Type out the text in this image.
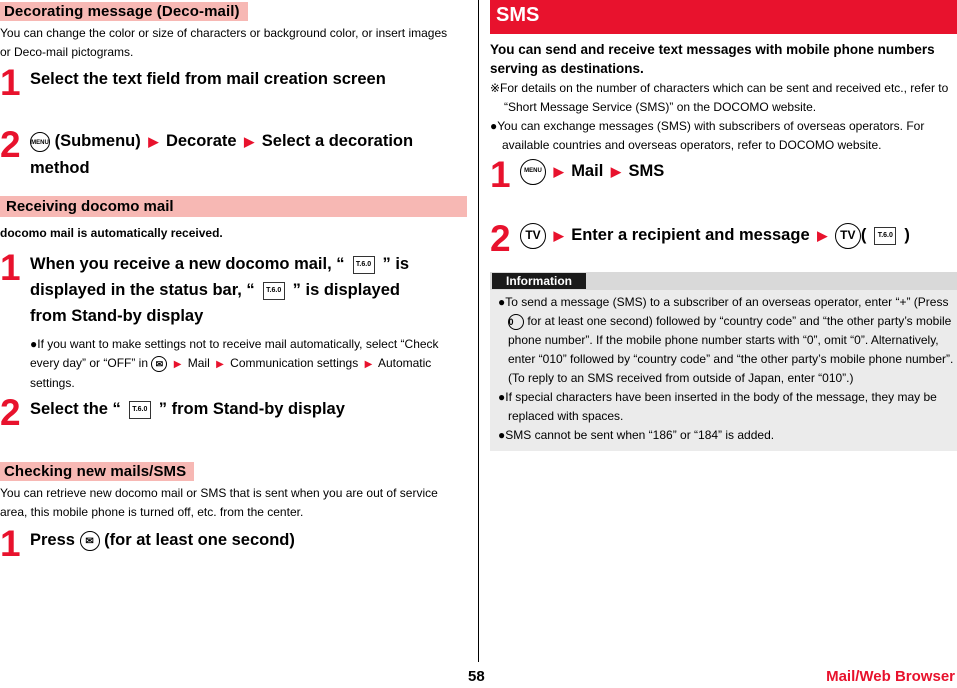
Decorating message (Deco-mail)

You can change the color or size of characters or background color, or insert images or Deco-mail pictograms.

1 Select the text field from mail creation screen
2	MENU (Submenu) ▶ Decorate ▶ Select a decoration method
Receiving docomo mail

docomo mail is automatically received.

1 When you receive a new docomo mail, “ T.6.0 ” is displayed in the status bar, “ T.6.0 ” is displayed from Stand-by display
●If you want to make settings not to receive mail automatically, select “Check every day” or “OFF” in ✉ ▶ Mail ▶ Communication settings ▶ Automatic settings.
2 Select the “ T.6.0 ” from Stand-by display
Checking new mails/SMS

You can retrieve new docomo mail or SMS that is sent when you are out of service area, this mobile phone is turned off, etc. from the center.

1 Press ✉ (for at least one second)
SMS

You can send and receive text messages with mobile phone numbers serving as destinations.

※For details on the number of characters which can be sent and received etc., refer to “Short Message Service (SMS)” on the DOCOMO website.

●You can exchange messages (SMS) with subscribers of overseas operators. For available countries and overseas operators, refer to DOCOMO website.

1	MENU ▶ Mail ▶ SMS
2	TV ▶ Enter a recipient and message ▶ TV ( T.6.0 )
Information
●To send a message (SMS) to a subscriber of an overseas operator, enter “+” (Press 0 for at least one second) followed by “country code” and “the other party’s mobile phone number”. If the mobile phone number starts with “0”, omit “0”. Alternatively, enter “010” followed by “country code” and “the other party’s mobile phone number”. (To reply to an SMS received from outside of Japan, enter “010”.)
●If special characters have been inserted in the body of the message, they may be replaced with spaces.
●SMS cannot be sent when “186” or “184” is added.
58	Mail/Web Browser
